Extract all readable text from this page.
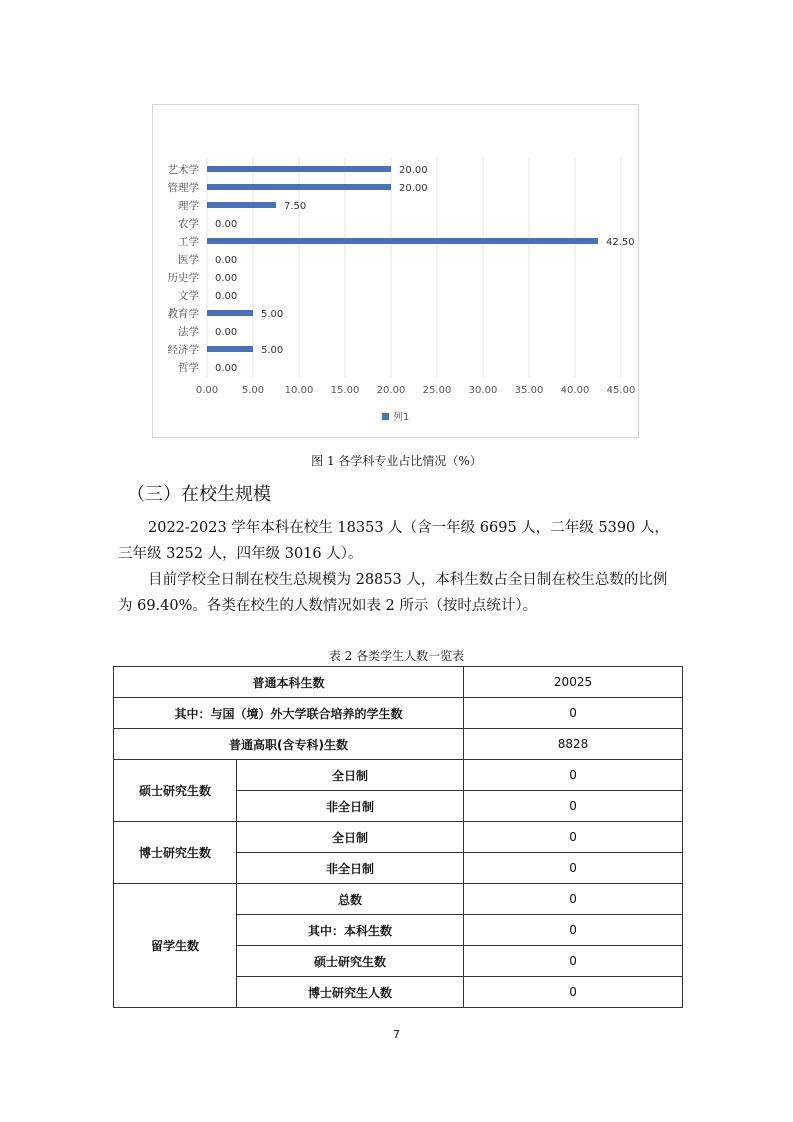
0.00 5.00 10.00 15.00 20.00 25.00 30.00 35.00 40.00 45.00
艺术学	20.00
管理学	20.00
理学	7.50
农学 0.00
工学	42.50
医学 0.00
历史学 0.00
文学 0.00
教育学	5.00
法学 0.00
经济学	5.00
哲学 0.00
列1
图 1 各学科专业占比情况（%）
（三）在校生规模

2022-2023 学年本科在校生 18353 人（含一年级 6695 人，二年级 5390 人，三年级 3252 人，四年级 3016 人）。

目前学校全日制在校生总规模为 28853 人，本科生数占全日制在校生总数的比例为 69.40%。各类在校生的人数情况如表 2 所示（按时点统计）。

表 2 各类学生人数一览表
普通本科生数		20025
其中：与国（境）外大学联合培养的学生数		0
普通高职(含专科)生数		8828
硕士研究生数	全日制	0
	非全日制	0
博士研究生数	全日制	0
	非全日制	0
留学生数	总数	0
	其中：本科生数	0
	硕士研究生数	0
	博士研究生人数	0
7
